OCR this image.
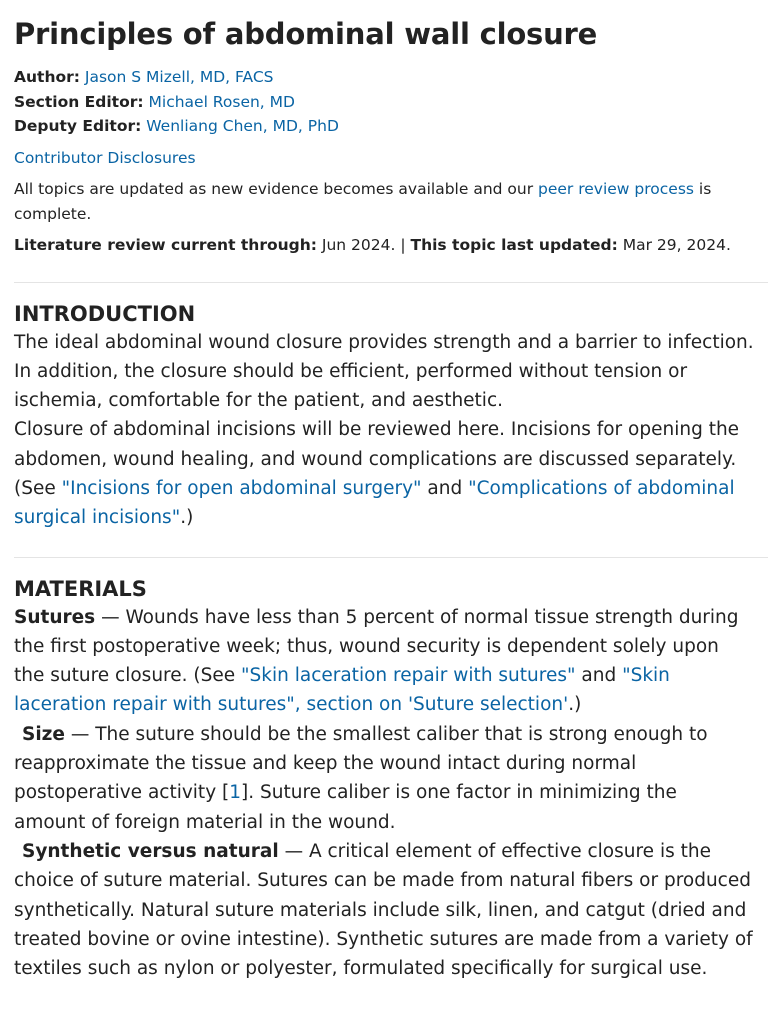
Principles of abdominal wall closure
Author: Jason S Mizell, MD, FACS
Section Editor: Michael Rosen, MD
Deputy Editor: Wenliang Chen, MD, PhD
Contributor Disclosures
All topics are updated as new evidence becomes available and our peer review process is complete.
Literature review current through: Jun 2024. | This topic last updated: Mar 29, 2024.
INTRODUCTION

The ideal abdominal wound closure provides strength and a barrier to infection. In addition, the closure should be efficient, performed without tension or ischemia, comfortable for the patient, and aesthetic.

Closure of abdominal incisions will be reviewed here. Incisions for opening the abdomen, wound healing, and wound complications are discussed separately. (See "Incisions for open abdominal surgery" and "Complications of abdominal surgical incisions".)

MATERIALS

Sutures — Wounds have less than 5 percent of normal tissue strength during the first postoperative week; thus, wound security is dependent solely upon the suture closure. (See "Skin laceration repair with sutures" and "Skin laceration repair with sutures", section on 'Suture selection'.)

Size — The suture should be the smallest caliber that is strong enough to reapproximate the tissue and keep the wound intact during normal postoperative activity [1]. Suture caliber is one factor in minimizing the amount of foreign material in the wound.

Synthetic versus natural — A critical element of effective closure is the choice of suture material. Sutures can be made from natural fibers or produced synthetically. Natural suture materials include silk, linen, and catgut (dried and treated bovine or ovine intestine). Synthetic sutures are made from a variety of textiles such as nylon or polyester, formulated specifically for surgical use.
